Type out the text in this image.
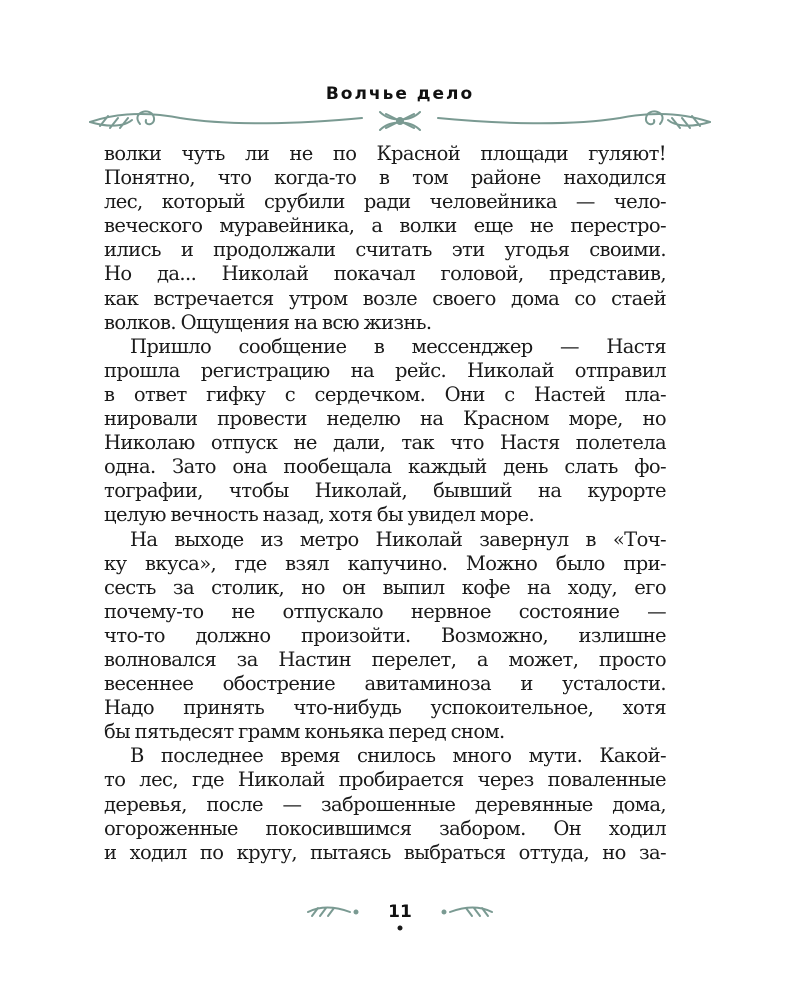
Волчье дело
волки чуть ли не по Красной площади гуляют!
Понятно, что когда-то в том районе находился
лес, который срубили ради человейника — чело-
веческого муравейника, а волки еще не перестро-
ились и продолжали считать эти угодья своими.
Но да... Николай покачал головой, представив,
как встречается утром возле своего дома со стаей
волков. Ощущения на всю жизнь.
Пришло сообщение в мессенджер — Настя
прошла регистрацию на рейс. Николай отправил
в ответ гифку с сердечком. Они с Настей пла-
нировали провести неделю на Красном море, но
Николаю отпуск не дали, так что Настя полетела
одна. Зато она пообещала каждый день слать фо-
тографии, чтобы Николай, бывший на курорте
целую вечность назад, хотя бы увидел море.
На выходе из метро Николай завернул в «Точ-
ку вкуса», где взял капучино. Можно было при-
сесть за столик, но он выпил кофе на ходу, его
почему-то не отпускало нервное состояние —
что-то должно произойти. Возможно, излишне
волновался за Настин перелет, а может, просто
весеннее обострение авитаминоза и усталости.
Надо принять что-нибудь успокоительное, хотя
бы пятьдесят грамм коньяка перед сном.
В последнее время снилось много мути. Какой-
то лес, где Николай пробирается через поваленные
деревья, после — заброшенные деревянные дома,
огороженные покосившимся забором. Он ходил
и ходил по кругу, пытаясь выбраться оттуда, но за-
11
